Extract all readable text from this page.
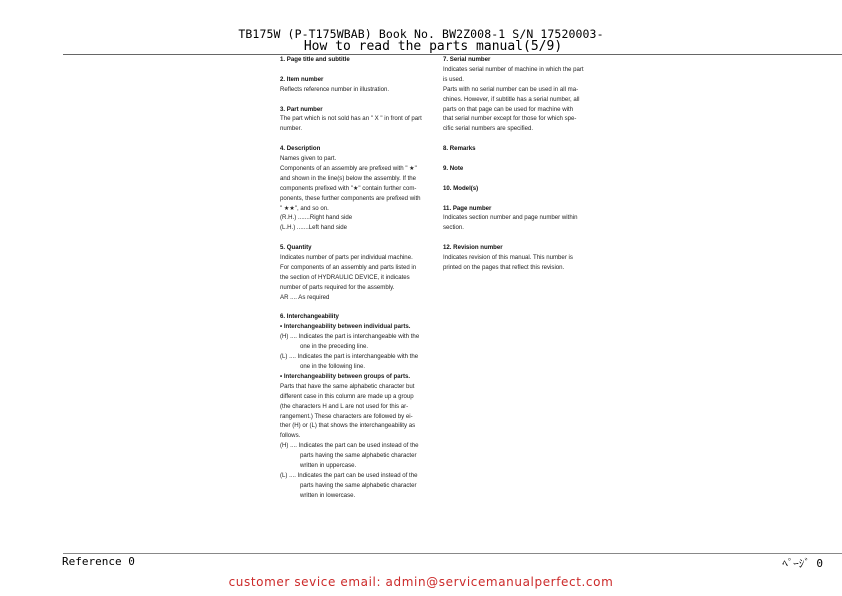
TB175W (P-T175WBAB) Book No. BW2Z008-1 S/N 17520003-
How to read the parts manual(5/9)

1. Page title and subtitle

2. Item number

Reflects reference number in illustration.

3. Part number

The part which is not sold has an " X " in front of part

number.

4. Description

Names given to part.

Components of an assembly are prefixed with " ★"

and shown in the line(s) below the assembly. If the

components prefixed with "★" contain further com-

ponents, these further components are prefixed with

" ★★", and so on.

(R.H.) .......Right hand side

(L.H.) .......Left hand side

5. Quantity

Indicates number of parts per individual machine.

For components of an assembly and parts listed in

the section of HYDRAULIC DEVICE, it indicates

number of parts required for the assembly.

AR .... As required

6. Interchangeability

• Interchangeability between individual parts.

(H) .... Indicates the part is interchangeable with the one in the preceding line.

(L) .... Indicates the part is interchangeable with the one in the following line.

• Interchangeability between groups of parts.

Parts that have the same alphabetic character but

different case in this column are made up a group

(the characters H and L are not used for this ar-

rangement.) These characters are followed by ei-

ther (H) or (L) that shows the interchangeability as

follows.

(H) .... Indicates the part can be used instead of the parts having the same alphabetic character written in uppercase.

(L) .... Indicates the part can be used instead of the parts having the same alphabetic character written in lowercase.

7. Serial number

Indicates serial number of machine in which the part

is used.

Parts with no serial number can be used in all ma-

chines. However, if subtitle has a serial number, all

parts on that page can be used for machine with

that serial number except for those for which spe-

cific serial numbers are specified.

8. Remarks

9. Note

10. Model(s)

11. Page number

Indicates section number and page number within

section.

12. Revision number

Indicates revision of this manual. This number is

printed on the pages that reflect this revision.

Reference 0	ﾍﾟｰｼﾞ 0
customer sevice email: admin@servicemanualperfect.com
